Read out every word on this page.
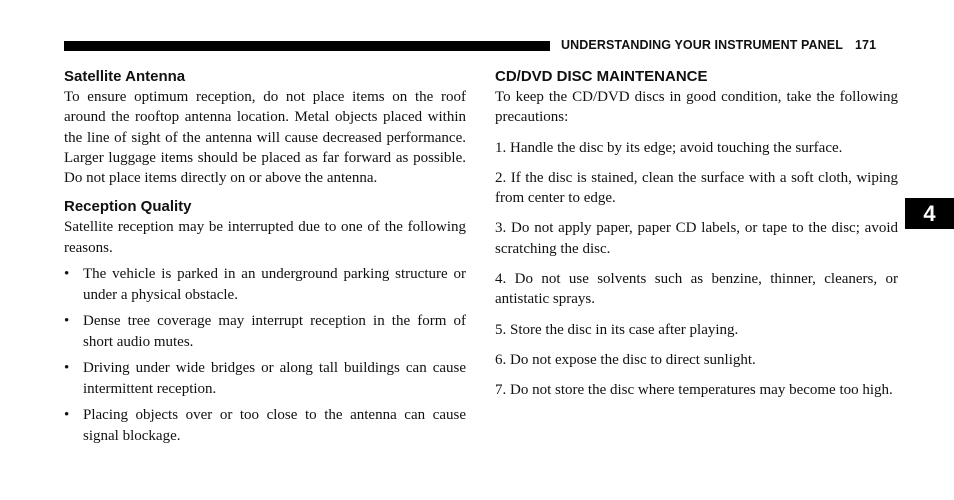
UNDERSTANDING YOUR INSTRUMENT PANEL 171
4
Satellite Antenna

To ensure optimum reception, do not place items on the roof around the rooftop antenna location. Metal objects placed within the line of sight of the antenna will cause decreased performance. Larger luggage items should be placed as far forward as possible. Do not place items directly on or above the antenna.

Reception Quality

Satellite reception may be interrupted due to one of the following reasons.

• The vehicle is parked in an underground parking structure or under a physical obstacle.
• Dense tree coverage may interrupt reception in the form of short audio mutes.
• Driving under wide bridges or along tall buildings can cause intermittent reception.
• Placing objects over or too close to the antenna can cause signal blockage.
CD/DVD DISC MAINTENANCE

To keep the CD/DVD discs in good condition, take the following precautions:

1. Handle the disc by its edge; avoid touching the surface.

2. If the disc is stained, clean the surface with a soft cloth, wiping from center to edge.

3. Do not apply paper, paper CD labels, or tape to the disc; avoid scratching the disc.

4. Do not use solvents such as benzine, thinner, cleaners, or antistatic sprays.

5. Store the disc in its case after playing.

6. Do not expose the disc to direct sunlight.

7. Do not store the disc where temperatures may become too high.
